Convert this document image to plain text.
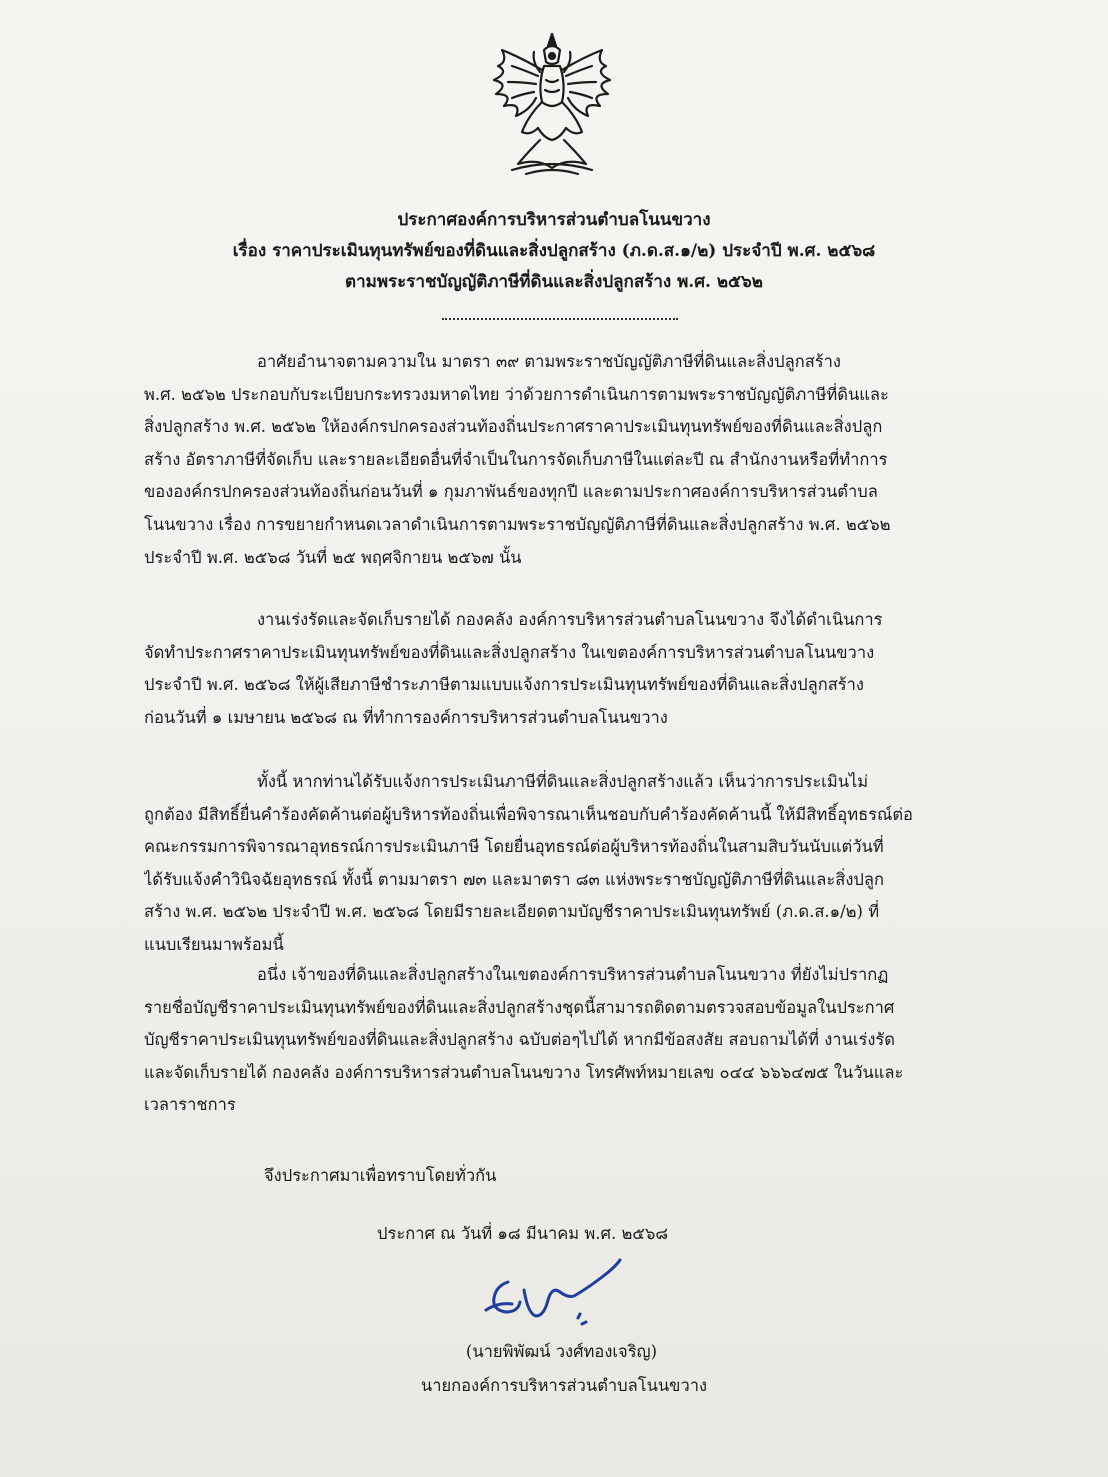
ประกาศองค์การบริหารส่วนตำบลโนนขวาง
เรื่อง ราคาประเมินทุนทรัพย์ของที่ดินและสิ่งปลูกสร้าง (ภ.ด.ส.๑/๒) ประจำปี พ.ศ. ๒๕๖๘
ตามพระราชบัญญัติภาษีที่ดินและสิ่งปลูกสร้าง พ.ศ. ๒๕๖๒

อาศัยอำนาจตามความใน มาตรา ๓๙ ตามพระราชบัญญัติภาษีที่ดินและสิ่งปลูกสร้าง
พ.ศ. ๒๕๖๒ ประกอบกับระเบียบกระทรวงมหาดไทย ว่าด้วยการดำเนินการตามพระราชบัญญัติภาษีที่ดินและ
สิ่งปลูกสร้าง พ.ศ. ๒๕๖๒ ให้องค์กรปกครองส่วนท้องถิ่นประกาศราคาประเมินทุนทรัพย์ของที่ดินและสิ่งปลูก
สร้าง อัตราภาษีที่จัดเก็บ และรายละเอียดอื่นที่จำเป็นในการจัดเก็บภาษีในแต่ละปี ณ สำนักงานหรือที่ทำการ
ขององค์กรปกครองส่วนท้องถิ่นก่อนวันที่ ๑ กุมภาพันธ์ของทุกปี และตามประกาศองค์การบริหารส่วนตำบล
โนนขวาง เรื่อง การขยายกำหนดเวลาดำเนินการตามพระราชบัญญัติภาษีที่ดินและสิ่งปลูกสร้าง พ.ศ. ๒๕๖๒
ประจำปี พ.ศ. ๒๕๖๘ วันที่ ๒๕ พฤศจิกายน ๒๕๖๗ นั้น

งานเร่งรัดและจัดเก็บรายได้ กองคลัง องค์การบริหารส่วนตำบลโนนขวาง จึงได้ดำเนินการ
จัดทำประกาศราคาประเมินทุนทรัพย์ของที่ดินและสิ่งปลูกสร้าง ในเขตองค์การบริหารส่วนตำบลโนนขวาง
ประจำปี พ.ศ. ๒๕๖๘ ให้ผู้เสียภาษีชำระภาษีตามแบบแจ้งการประเมินทุนทรัพย์ของที่ดินและสิ่งปลูกสร้าง
ก่อนวันที่ ๑ เมษายน ๒๕๖๘ ณ ที่ทำการองค์การบริหารส่วนตำบลโนนขวาง

ทั้งนี้ หากท่านได้รับแจ้งการประเมินภาษีที่ดินและสิ่งปลูกสร้างแล้ว เห็นว่าการประเมินไม่
ถูกต้อง มีสิทธิ์ยื่นคำร้องคัดค้านต่อผู้บริหารท้องถิ่นเพื่อพิจารณาเห็นชอบกับคำร้องคัดค้านนี้ ให้มีสิทธิ์อุทธรณ์ต่อ
คณะกรรมการพิจารณาอุทธรณ์การประเมินภาษี โดยยื่นอุทธรณ์ต่อผู้บริหารท้องถิ่นในสามสิบวันนับแต่วันที่
ได้รับแจ้งคำวินิจฉัยอุทธรณ์ ทั้งนี้ ตามมาตรา ๗๓ และมาตรา ๘๓ แห่งพระราชบัญญัติภาษีที่ดินและสิ่งปลูก
สร้าง พ.ศ. ๒๕๖๒ ประจำปี พ.ศ. ๒๕๖๘ โดยมีรายละเอียดตามบัญชีราคาประเมินทุนทรัพย์ (ภ.ด.ส.๑/๒) ที่
แนบเรียนมาพร้อมนี้

อนึ่ง เจ้าของที่ดินและสิ่งปลูกสร้างในเขตองค์การบริหารส่วนตำบลโนนขวาง ที่ยังไม่ปรากฏ
รายชื่อบัญชีราคาประเมินทุนทรัพย์ของที่ดินและสิ่งปลูกสร้างชุดนี้สามารถติดตามตรวจสอบข้อมูลในประกาศ
บัญชีราคาประเมินทุนทรัพย์ของที่ดินและสิ่งปลูกสร้าง ฉบับต่อๆไปได้ หากมีข้อสงสัย สอบถามได้ที่ งานเร่งรัด
และจัดเก็บรายได้ กองคลัง องค์การบริหารส่วนตำบลโนนขวาง โทรศัพท์หมายเลข ๐๔๔ ๖๖๖๔๗๕ ในวันและ
เวลาราชการ

จึงประกาศมาเพื่อทราบโดยทั่วกัน
ประกาศ ณ วันที่ ๑๘ มีนาคม พ.ศ. ๒๕๖๘
(นายพิพัฒน์ วงศ์ทองเจริญ)
นายกองค์การบริหารส่วนตำบลโนนขวาง
